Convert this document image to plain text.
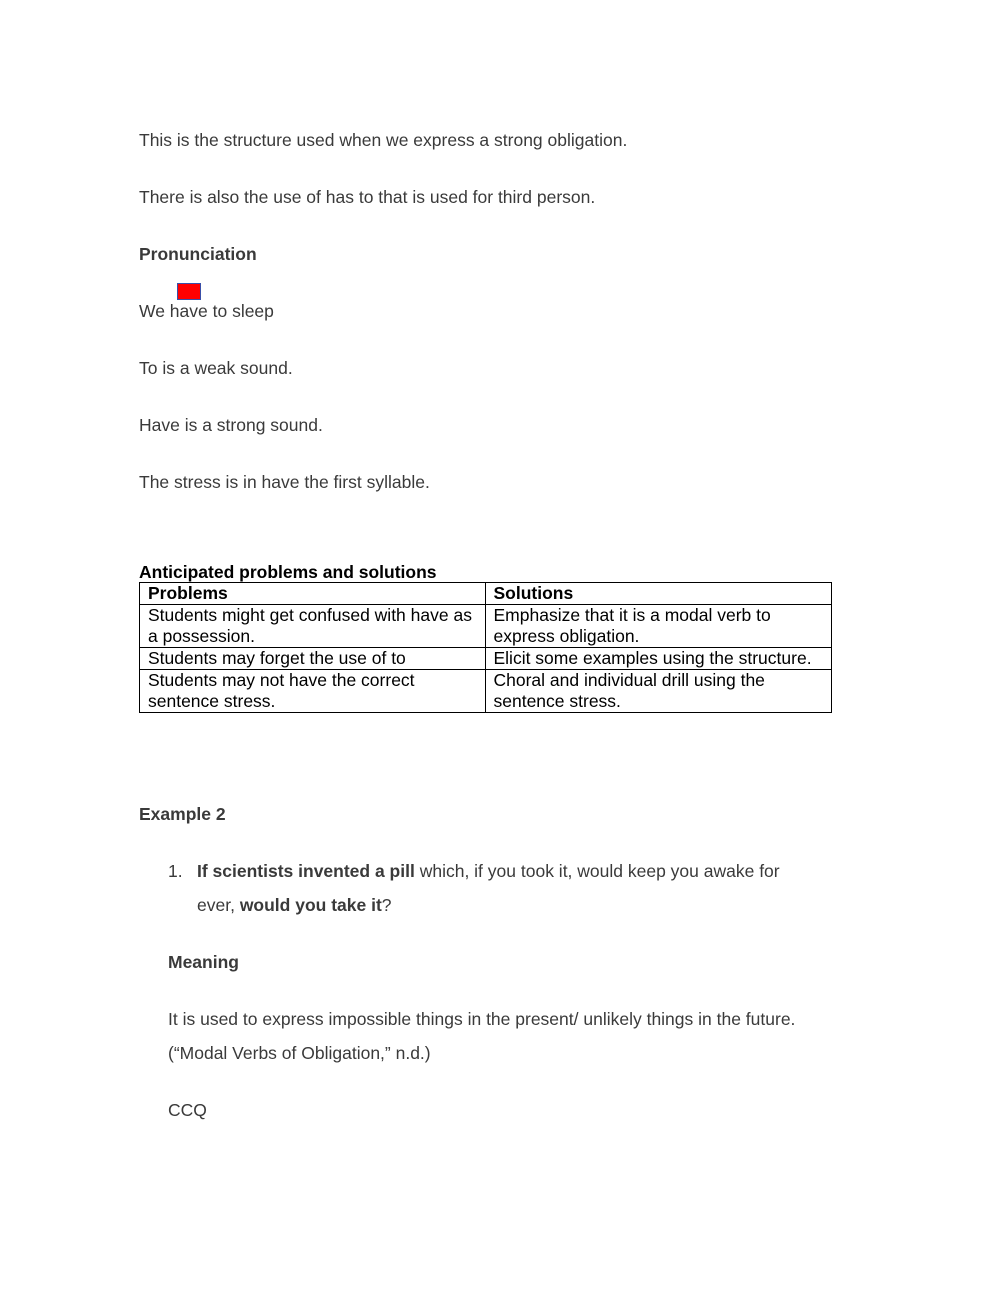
This is the structure used when we express a strong obligation.

There is also the use of has to that is used for third person.

Pronunciation

We have to sleep

To is a weak sound.

Have is a strong sound.

The stress is in have the first syllable.

Anticipated problems and solutions
Problems	Solutions
Students might get confused with have as a possession.	Emphasize that it is a modal verb to express obligation.
Students may forget the use of to	Elicit some examples using the structure.
Students may not have the correct sentence stress.	Choral and individual drill using the sentence stress.

Example 2

1. If scientists invented a pill which, if you took it, would keep you awake for
ever, would you take it?

Meaning

It is used to express impossible things in the present/ unlikely things in the future.

(“Modal Verbs of Obligation,” n.d.)

CCQ
